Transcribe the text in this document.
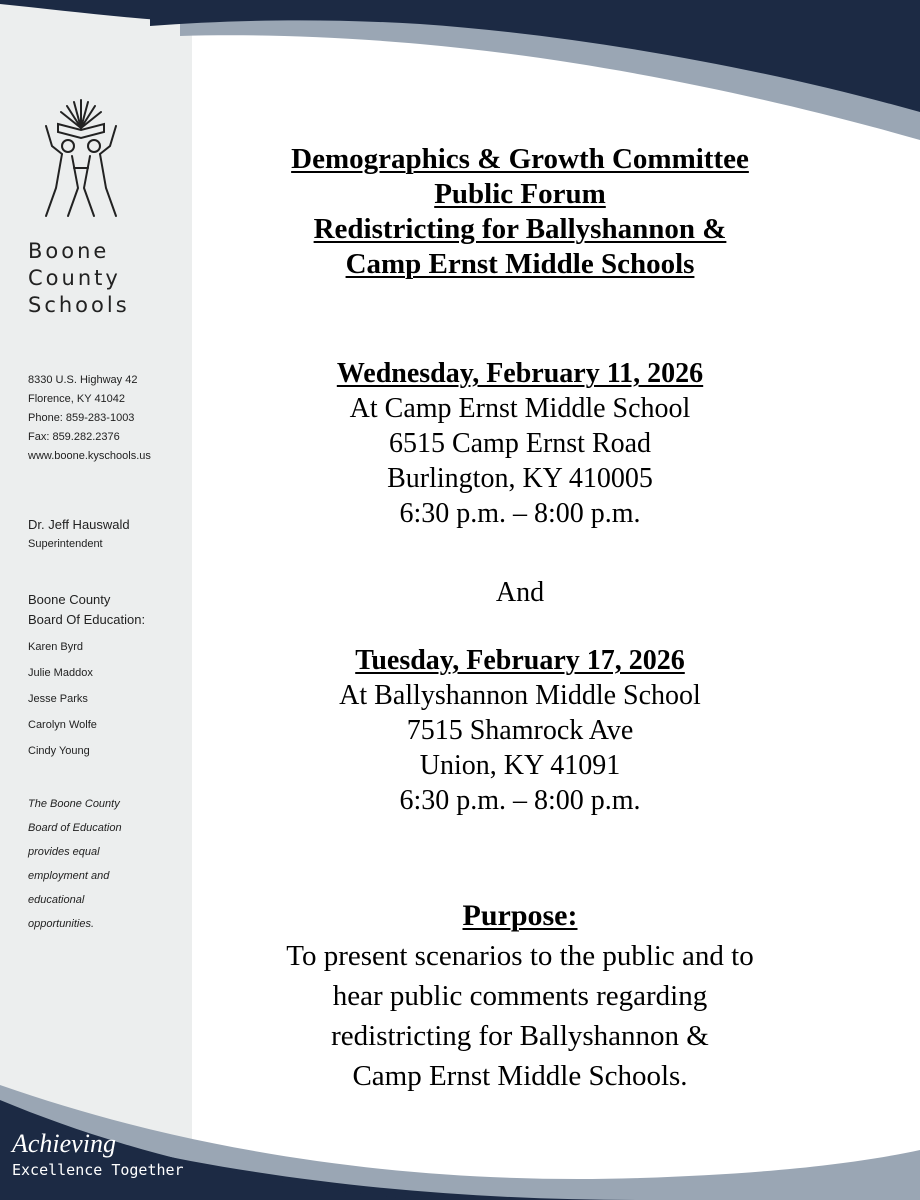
Boone
County
Schools
8330 U.S. Highway 42
Florence, KY 41042
Phone: 859-283-1003
Fax: 859.282.2376
www.boone.kyschools.us
Dr. Jeff Hauswald
Superintendent
Boone County
Board Of Education:
Karen Byrd
Julie Maddox
Jesse Parks
Carolyn Wolfe
Cindy Young
The Boone County
Board of Education
provides equal
employment and
educational
opportunities.
Achieving
Excellence Together
Demographics & Growth Committee
Public Forum
Redistricting for Ballyshannon &
Camp Ernst Middle Schools
Wednesday, February 11, 2026
At Camp Ernst Middle School
6515 Camp Ernst Road
Burlington, KY 410005
6:30 p.m. – 8:00 p.m.
And
Tuesday, February 17, 2026
At Ballyshannon Middle School
7515 Shamrock Ave
Union, KY 41091
6:30 p.m. – 8:00 p.m.
Purpose:
To present scenarios to the public and to
hear public comments regarding
redistricting for Ballyshannon &
Camp Ernst Middle Schools.
